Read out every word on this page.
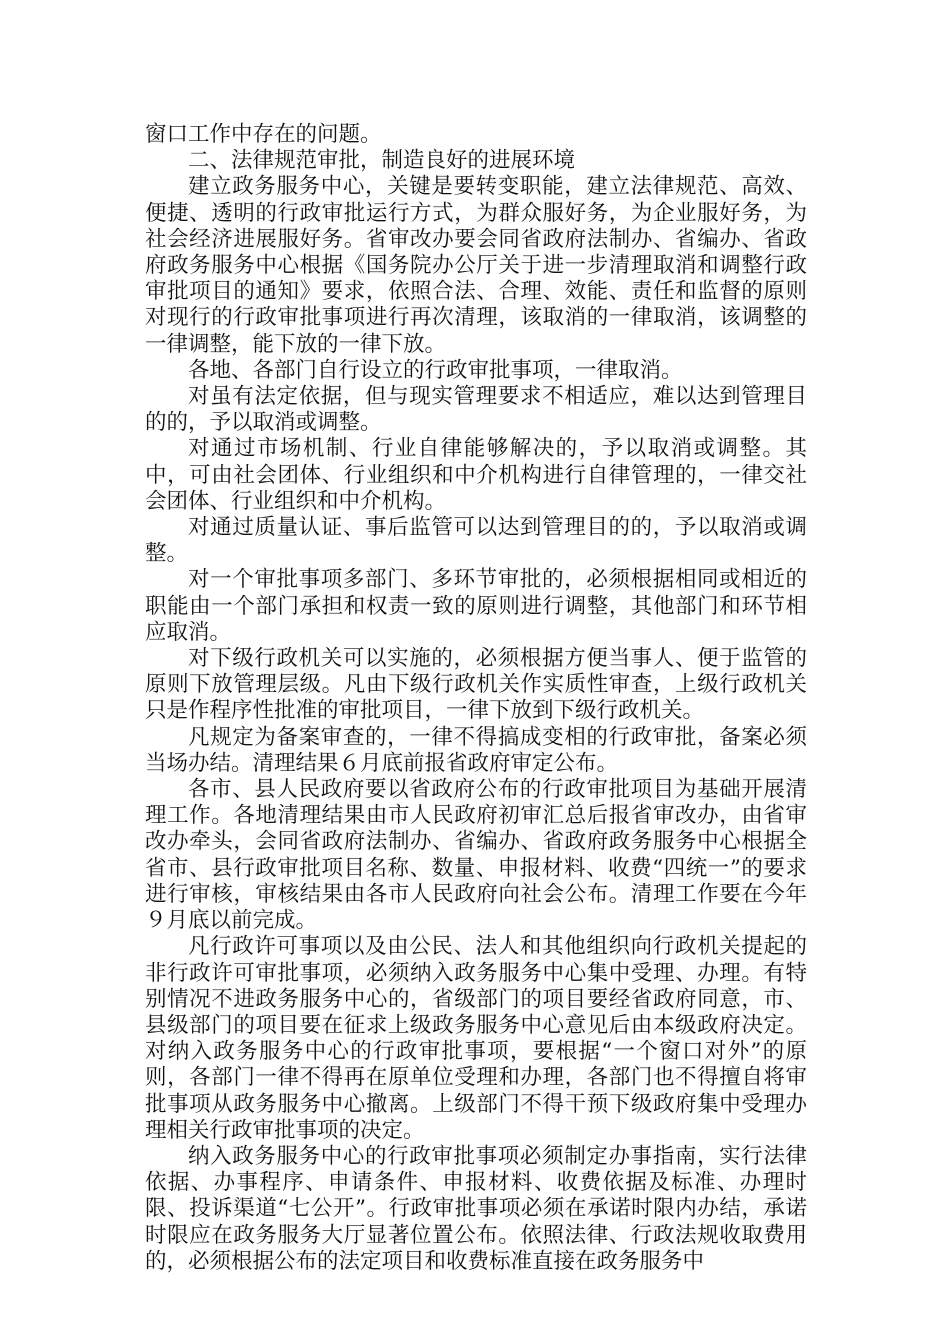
窗口工作中存在的问题。

二、法律规范审批，制造良好的进展环境

建立政务服务中心，关键是要转变职能，建立法律规范、高效、便捷、透明的行政审批运行方式，为群众服好务，为企业服好务，为社会经济进展服好务。省审改办要会同省政府法制办、省编办、省政府政务服务中心根据《国务院办公厅关于进一步清理取消和调整行政审批项目的通知》要求，依照合法、合理、效能、责任和监督的原则对现行的行政审批事项进行再次清理，该取消的一律取消，该调整的一律调整，能下放的一律下放。

各地、各部门自行设立的行政审批事项，一律取消。

对虽有法定依据，但与现实管理要求不相适应，难以达到管理目的的，予以取消或调整。

对通过市场机制、行业自律能够解决的，予以取消或调整。其中，可由社会团体、行业组织和中介机构进行自律管理的，一律交社会团体、行业组织和中介机构。

对通过质量认证、事后监管可以达到管理目的的，予以取消或调整。

对一个审批事项多部门、多环节审批的，必须根据相同或相近的职能由一个部门承担和权责一致的原则进行调整，其他部门和环节相应取消。

对下级行政机关可以实施的，必须根据方便当事人、便于监管的原则下放管理层级。凡由下级行政机关作实质性审查，上级行政机关只是作程序性批准的审批项目，一律下放到下级行政机关。

凡规定为备案审查的，一律不得搞成变相的行政审批，备案必须当场办结。清理结果６月底前报省政府审定公布。

各市、县人民政府要以省政府公布的行政审批项目为基础开展清理工作。各地清理结果由市人民政府初审汇总后报省审改办，由省审改办牵头，会同省政府法制办、省编办、省政府政务服务中心根据全省市、县行政审批项目名称、数量、申报材料、收费“四统一”的要求进行审核，审核结果由各市人民政府向社会公布。清理工作要在今年９月底以前完成。

凡行政许可事项以及由公民、法人和其他组织向行政机关提起的非行政许可审批事项，必须纳入政务服务中心集中受理、办理。有特别情况不进政务服务中心的，省级部门的项目要经省政府同意，市、县级部门的项目要在征求上级政务服务中心意见后由本级政府决定。对纳入政务服务中心的行政审批事项，要根据“一个窗口对外”的原则，各部门一律不得再在原单位受理和办理，各部门也不得擅自将审批事项从政务服务中心撤离。上级部门不得干预下级政府集中受理办理相关行政审批事项的决定。

纳入政务服务中心的行政审批事项必须制定办事指南，实行法律依据、办事程序、申请条件、申报材料、收费依据及标准、办理时限、投诉渠道“七公开”。行政审批事项必须在承诺时限内办结，承诺时限应在政务服务大厅显著位置公布。依照法律、行政法规收取费用的，必须根据公布的法定项目和收费标准直接在政务服务中
